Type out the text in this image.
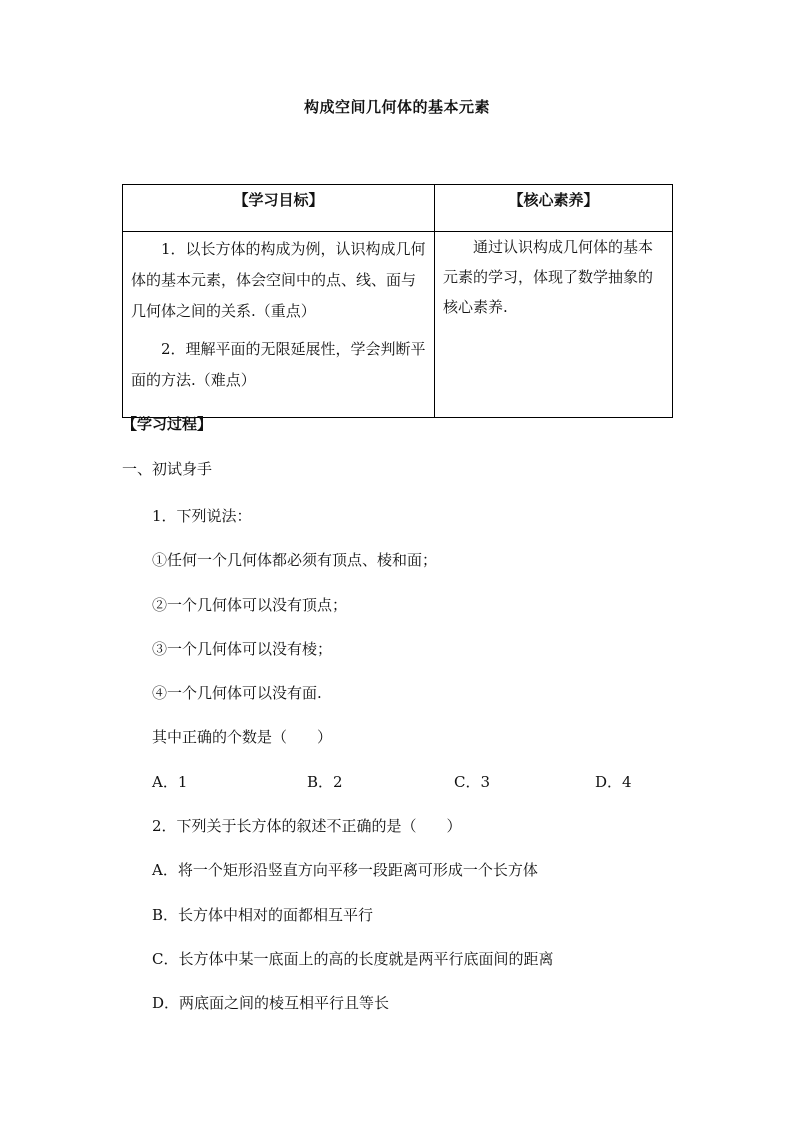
构成空间几何体的基本元素
【学习目标】	【核心素养】

1．以长方体的构成为例，认识构成几何体的基本元素，体会空间中的点、线、面与几何体之间的关系.（重点）

2．理解平面的无限延展性，学会判断平面的方法.（难点）	通过认识构成几何体的基本元素的学习，体现了数学抽象的核心素养.

【学习过程】
一、初试身手
1．下列说法：
①任何一个几何体都必须有顶点、棱和面；
②一个几何体可以没有顶点；
③一个几何体可以没有棱；
④一个几何体可以没有面.
其中正确的个数是（　　）
A．1	B．2	C．3	D．4
2．下列关于长方体的叙述不正确的是（　　）
A．将一个矩形沿竖直方向平移一段距离可形成一个长方体
B．长方体中相对的面都相互平行
C．长方体中某一底面上的高的长度就是两平行底面间的距离
D．两底面之间的棱互相平行且等长
